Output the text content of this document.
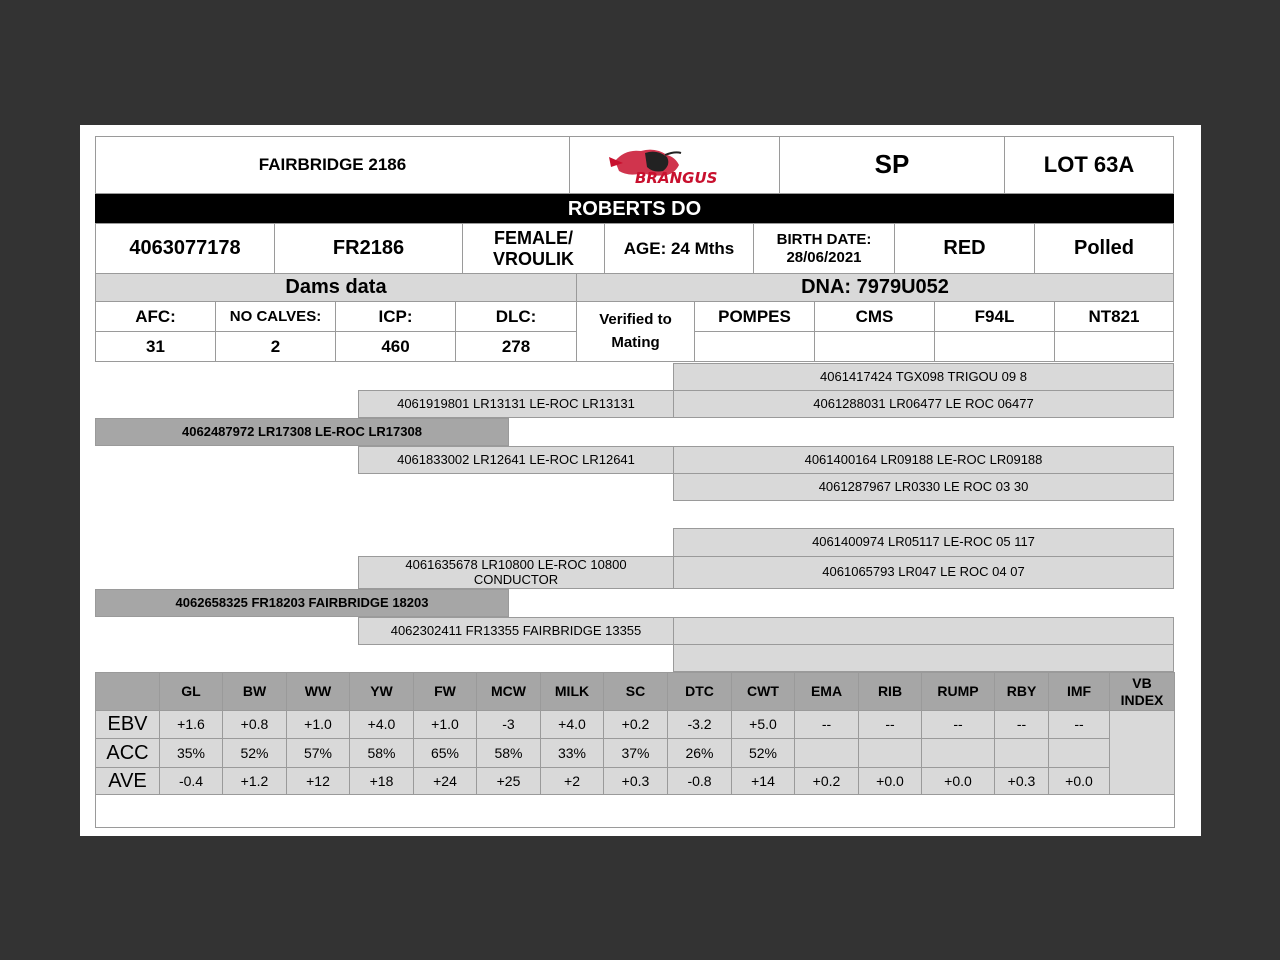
FAIRBRIDGE 2186
BRANGUS	SP	LOT 63A
ROBERTS DO
4063077178	FR2186	FEMALE/ VROULIK
AGE: 24 Mths	BIRTH DATE: 28/06/2021	RED	Polled
Dams data	DNA: 7979U052
AFC:	NO CALVES:	ICP:	DLC:
31	2	460	278
Verified to Mating
POMPES	CMS	F94L	NT821
4061417424 TGX098 TRIGOU 09 8
4061919801 LR13131 LE-ROC LR13131	4061288031 LR06477 LE ROC 06477
4062487972 LR17308 LE-ROC LR17308
4061833002 LR12641 LE-ROC LR12641	4061400164 LR09188 LE-ROC LR09188
4061287967 LR0330 LE ROC 03 30
4061400974 LR05117 LE-ROC 05 117
4061635678 LR10800 LE-ROC 10800 CONDUCTOR	4061065793 LR047 LE ROC 04 07
4062658325 FR18203 FAIRBRIDGE 18203
4062302411 FR13355 FAIRBRIDGE 13355
GL	BW	WW	YW	FW	MCW	MILK	SC	DTC	CWT	EMA	RIB	RUMP	RBY	IMF
VB INDEX
EBV	+1.6	+0.8	+1.0	+4.0	+1.0	-3	+4.0	+0.2	-3.2	+5.0	--	--	--	--	--
ACC	35%	52%	57%	58%	65%	58%	33%	37%	26%	52%
AVE	-0.4	+1.2	+12	+18	+24	+25	+2	+0.3	-0.8	+14	+0.2	+0.0	+0.0	+0.3	+0.0
